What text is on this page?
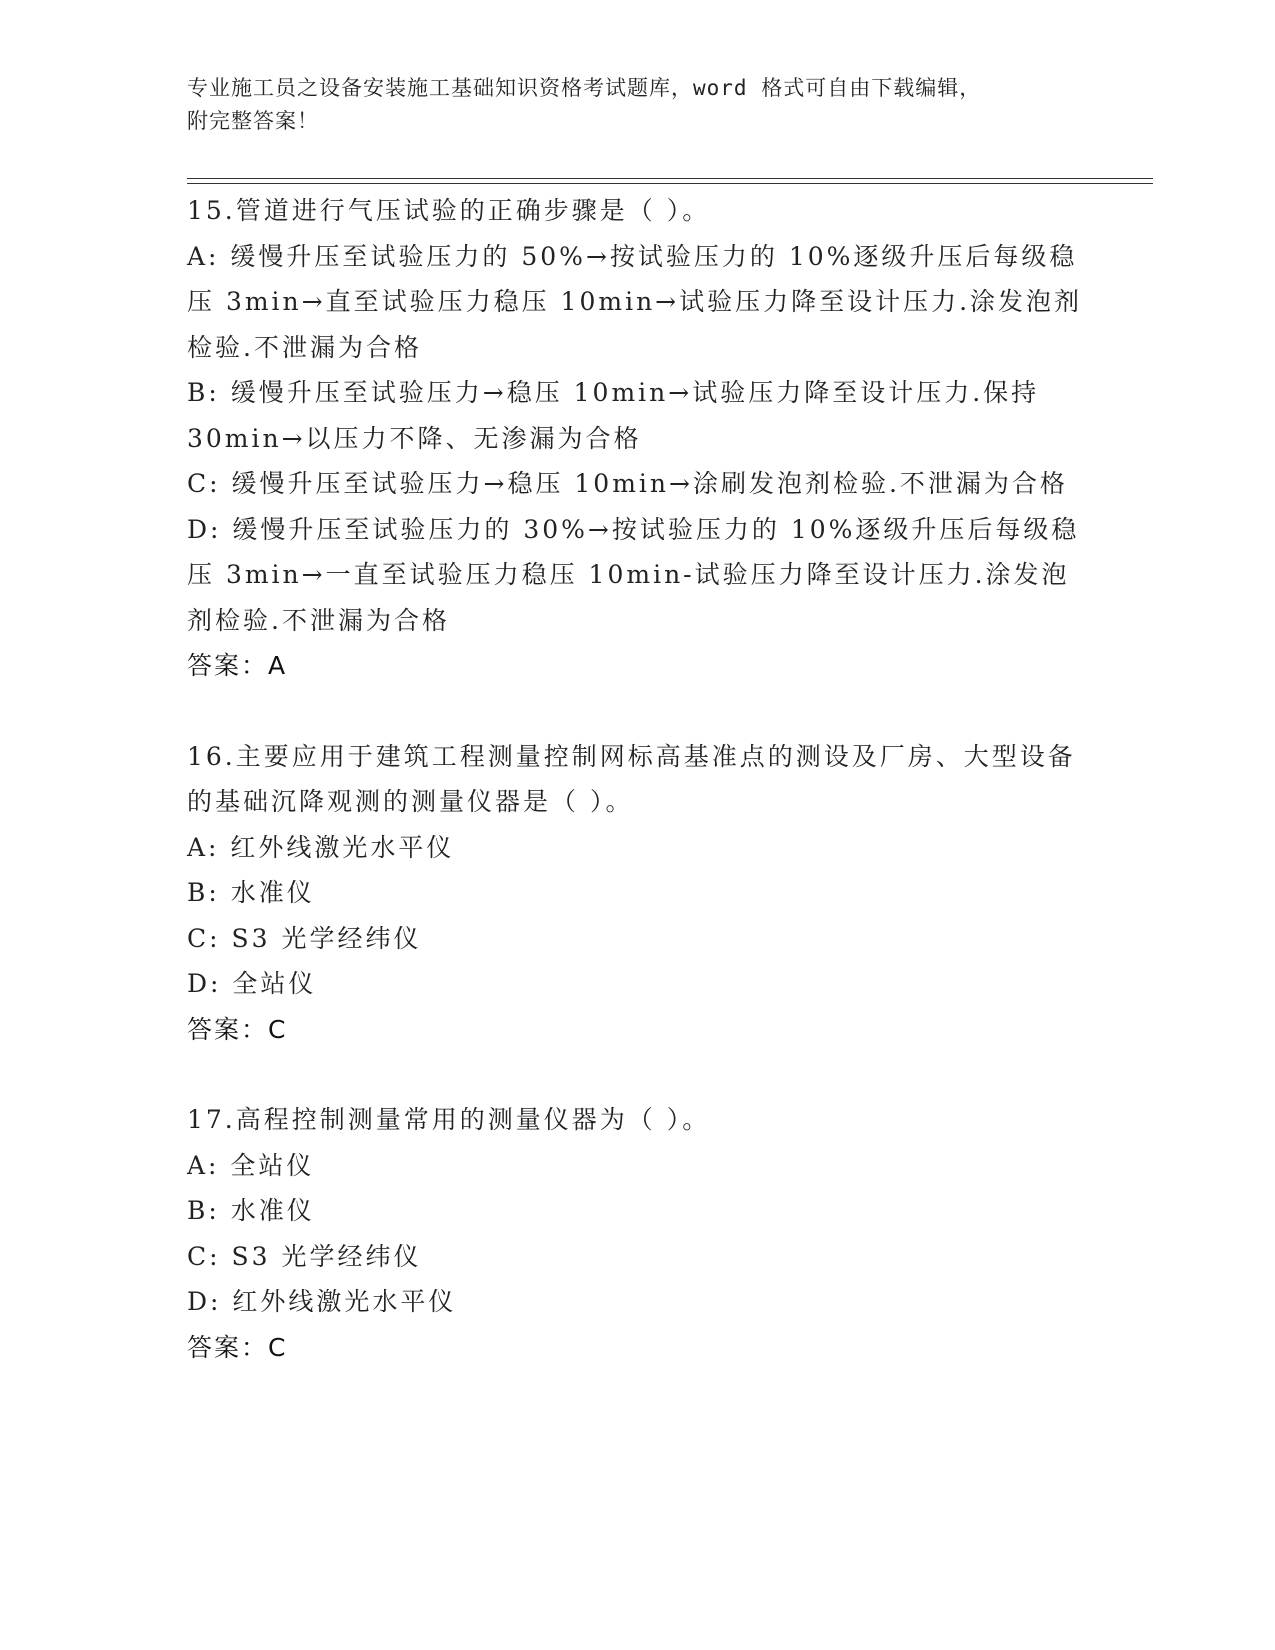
专业施工员之设备安装施工基础知识资格考试题库，word 格式可自由下载编辑，
附完整答案！

15.管道进行气压试验的正确步骤是（ ）。

A: 缓慢升压至试验压力的 50%→按试验压力的 10%逐级升压后每级稳压 3min→直至试验压力稳压 10min→试验压力降至设计压力.涂发泡剂检验.不泄漏为合格

B: 缓慢升压至试验压力→稳压 10min→试验压力降至设计压力.保持 30min→以压力不降、无渗漏为合格

C: 缓慢升压至试验压力→稳压 10min→涂刷发泡剂检验.不泄漏为合格

D: 缓慢升压至试验压力的 30%→按试验压力的 10%逐级升压后每级稳压 3min→一直至试验压力稳压 10min-试验压力降至设计压力.涂发泡剂检验.不泄漏为合格

答案：A

16.主要应用于建筑工程测量控制网标高基准点的测设及厂房、大型设备的基础沉降观测的测量仪器是（ ）。

A: 红外线激光水平仪

B: 水准仪

C: S3 光学经纬仪

D: 全站仪

答案：C

17.高程控制测量常用的测量仪器为（ ）。

A: 全站仪

B: 水准仪

C: S3 光学经纬仪

D: 红外线激光水平仪

答案：C
